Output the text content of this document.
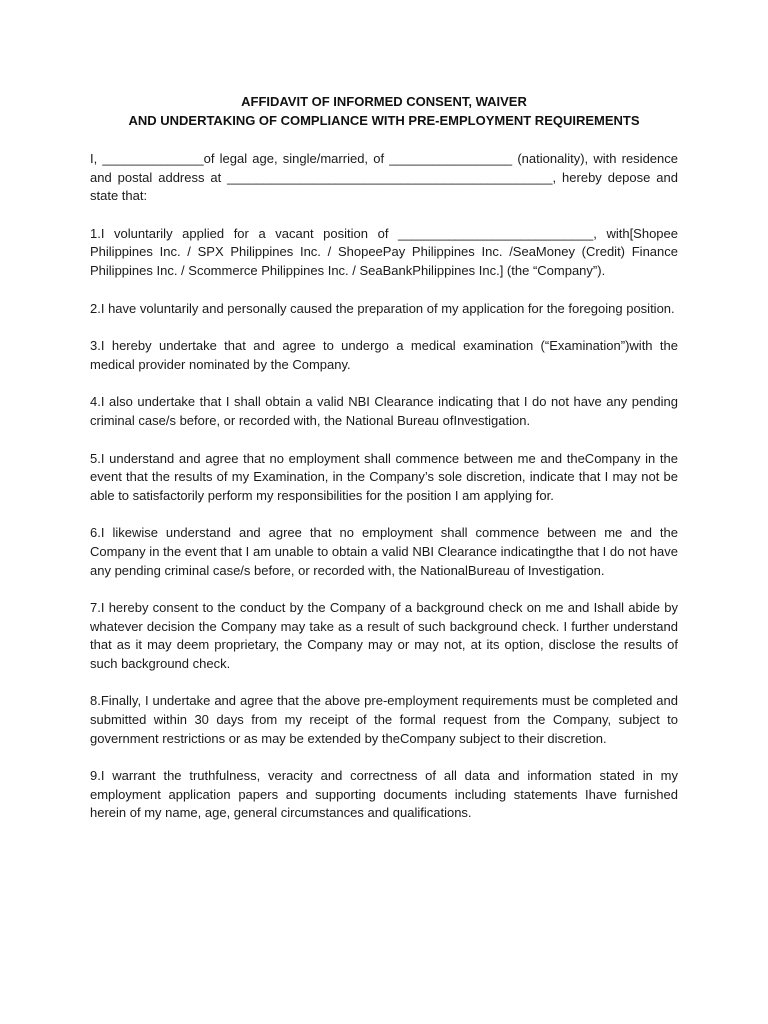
AFFIDAVIT OF INFORMED CONSENT, WAIVER

AND UNDERTAKING OF COMPLIANCE WITH PRE-EMPLOYMENT REQUIREMENTS

I, ______________of legal age, single/married, of _________________ (nationality), with residence and postal address at _____________________________________________, hereby depose and state that:

1.I voluntarily applied for a vacant position of ___________________________, with[Shopee Philippines Inc. / SPX Philippines Inc. / ShopeePay Philippines Inc. /SeaMoney (Credit) Finance Philippines Inc. / Scommerce Philippines Inc. / SeaBankPhilippines Inc.] (the “Company”).

2.I have voluntarily and personally caused the preparation of my application for the foregoing position.

3.I hereby undertake that and agree to undergo a medical examination (“Examination”)with the medical provider nominated by the Company.

4.I also undertake that I shall obtain a valid NBI Clearance indicating that I do not have any pending criminal case/s before, or recorded with, the National Bureau ofInvestigation.

5.I understand and agree that no employment shall commence between me and theCompany in the event that the results of my Examination, in the Company’s sole discretion, indicate that I may not be able to satisfactorily perform my responsibilities for the position I am applying for.

6.I likewise understand and agree that no employment shall commence between me and the Company in the event that I am unable to obtain a valid NBI Clearance indicatingthe that I do not have any pending criminal case/s before, or recorded with, the NationalBureau of Investigation.

7.I hereby consent to the conduct by the Company of a background check on me and Ishall abide by whatever decision the Company may take as a result of such background check. I further understand that as it may deem proprietary, the Company may or may not, at its option, disclose the results of such background check.

8.Finally, I undertake and agree that the above pre-employment requirements must be completed and submitted within 30 days from my receipt of the formal request from the Company, subject to government restrictions or as may be extended by theCompany subject to their discretion.

9.I warrant the truthfulness, veracity and correctness of all data and information stated in my employment application papers and supporting documents including statements Ihave furnished herein of my name, age, general circumstances and qualifications.
